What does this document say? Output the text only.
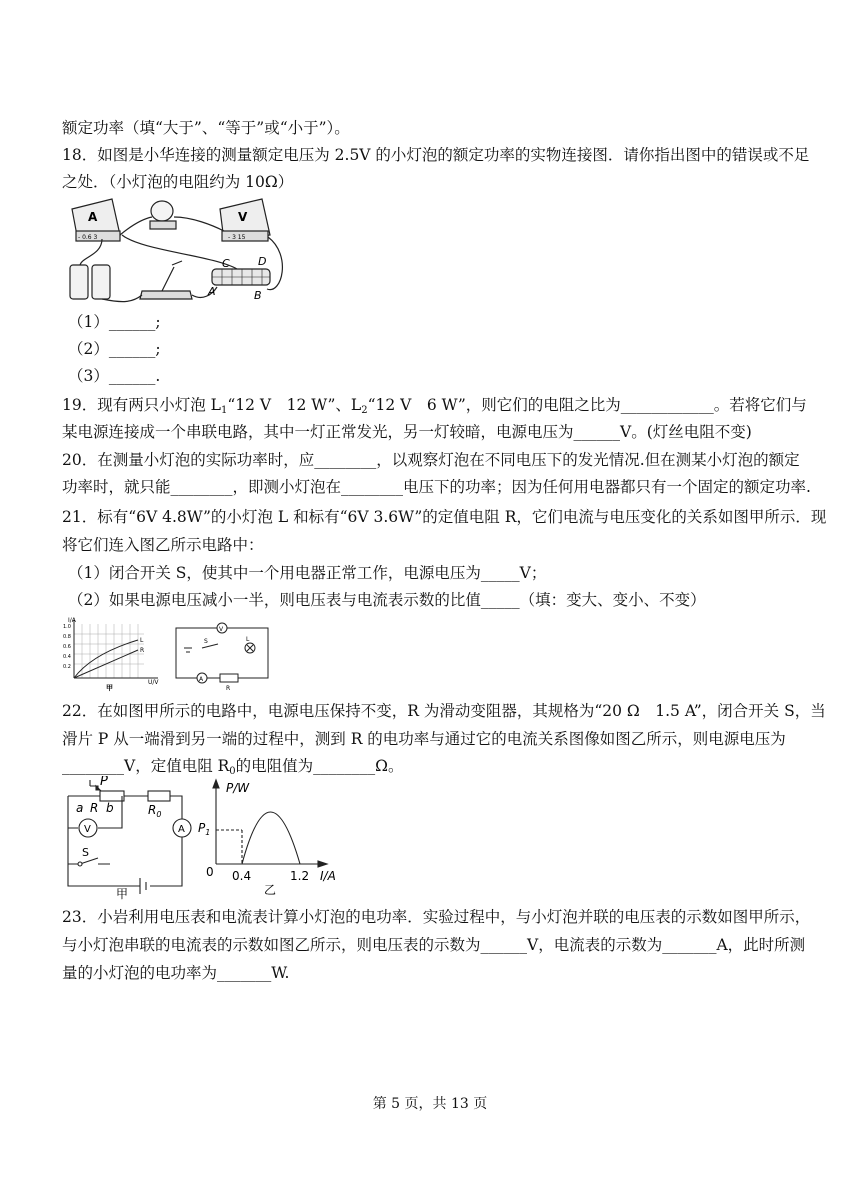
额定功率（填“大于”、“等于”或“小于”）。
18．如图是小华连接的测量额定电压为 2.5V 的小灯泡的额定功率的实物连接图．请你指出图中的错误或不足
之处．（小灯泡的电阻约为 10Ω）
A	V
- 0.6 3	- 3 15
C	D
A	B
（1）______;
（2）______;
（3）______.
19．现有两只小灯泡 $L_1“12$ V　12 W”、$L_2“12$ V　6 W”，则它们的电阻之比为____________。若将它们与
某电源连接成一个串联电路，其中一灯正常发光，另一灯较暗，电源电压为______V。(灯丝电阻不变)
20．在测量小灯泡的实际功率时，应________，以观察灯泡在不同电压下的发光情况.但在测某小灯泡的额定
功率时，就只能________，即测小灯泡在________电压下的功率；因为任何用电器都只有一个固定的额定功率.
21．标有“6V 4.8W”的小灯泡 L 和标有“6V 3.6W”的定值电阻 R，它们电流与电压变化的关系如图甲所示．现
将它们连入图乙所示电路中：
（1）闭合开关 S，使其中一个用电器正常工作，电源电压为_____V；
（2）如果电源电压减小一半，则电压表与电流表示数的比值_____（填：变大、变小、不变）
I/A
U/V
1.0
0.8
0.6
0.4
0.2
L
R
甲
V
A
S	L
R
22．在如图甲所示的电路中，电源电压保持不变，R 为滑动变阻器，其规格为“20 Ω　1.5 A”，闭合开关 S，当
滑片 P 从一端滑到另一端的过程中，测到 R 的电功率与通过它的电流关系图像如图乙所示，则电源电压为
________V，定值电阻 $R_0$的电阻值为________Ω。
P
a R b	$R_0$
V	A
S
甲
P/W
$P_1$
0 0.4	1.2 I/A
乙
23．小岩利用电压表和电流表计算小灯泡的电功率．实验过程中，与小灯泡并联的电压表的示数如图甲所示，
与小灯泡串联的电流表的示数如图乙所示，则电压表的示数为______V，电流表的示数为_______A，此时所测
量的小灯泡的电功率为_______W.
第 5 页，共 13 页
